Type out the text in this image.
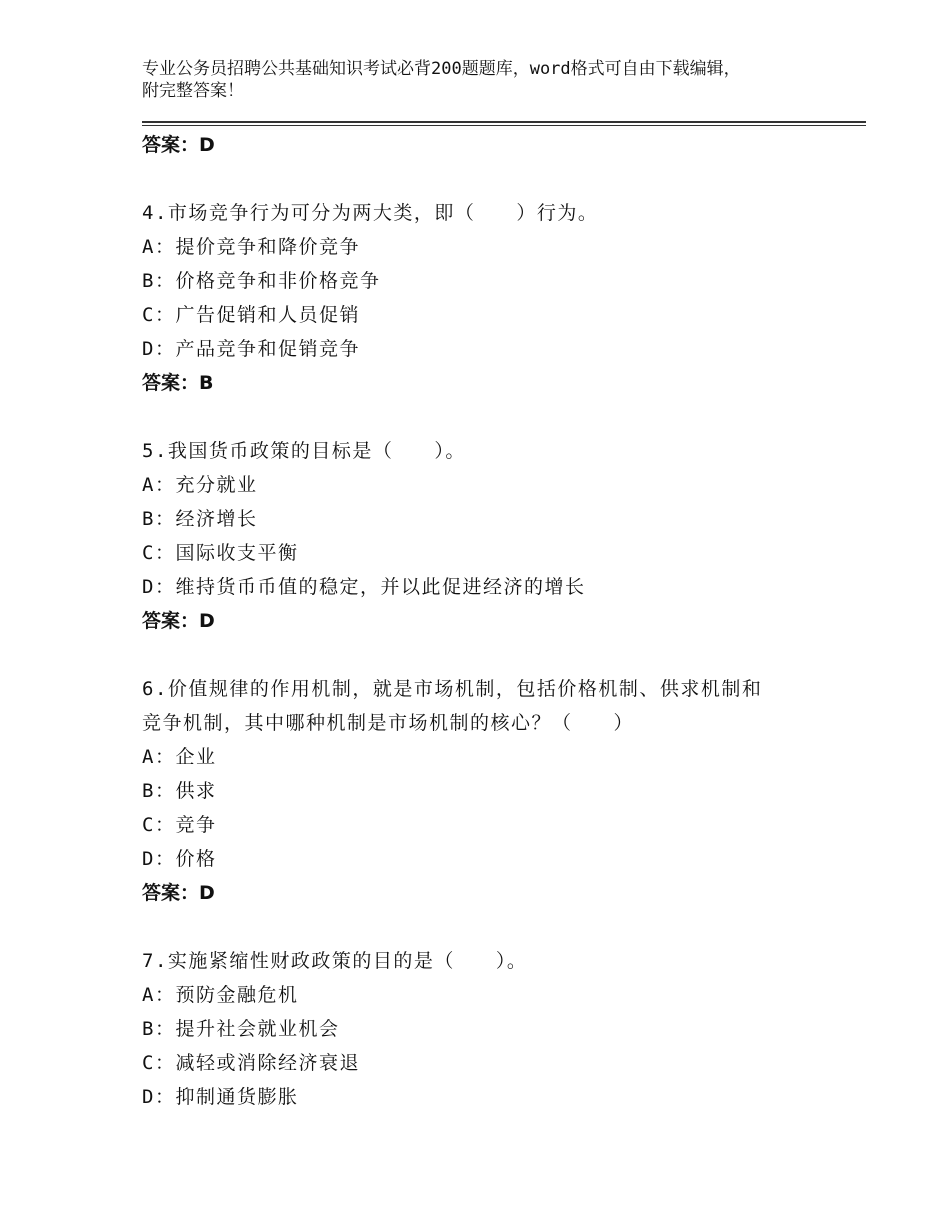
专业公务员招聘公共基础知识考试必背200题题库，word格式可自由下载编辑，
附完整答案！
答案：D
4.市场竞争行为可分为两大类，即（　　）行为。
A：提价竞争和降价竞争
B：价格竞争和非价格竞争
C：广告促销和人员促销
D：产品竞争和促销竞争
答案：B
5.我国货币政策的目标是（　　）。
A：充分就业
B：经济增长
C：国际收支平衡
D：维持货币币值的稳定，并以此促进经济的增长
答案：D
6.价值规律的作用机制，就是市场机制，包括价格机制、供求机制和
竞争机制，其中哪种机制是市场机制的核心？（　　）
A：企业
B：供求
C：竞争
D：价格
答案：D
7.实施紧缩性财政政策的目的是（　　）。
A：预防金融危机
B：提升社会就业机会
C：减轻或消除经济衰退
D：抑制通货膨胀
